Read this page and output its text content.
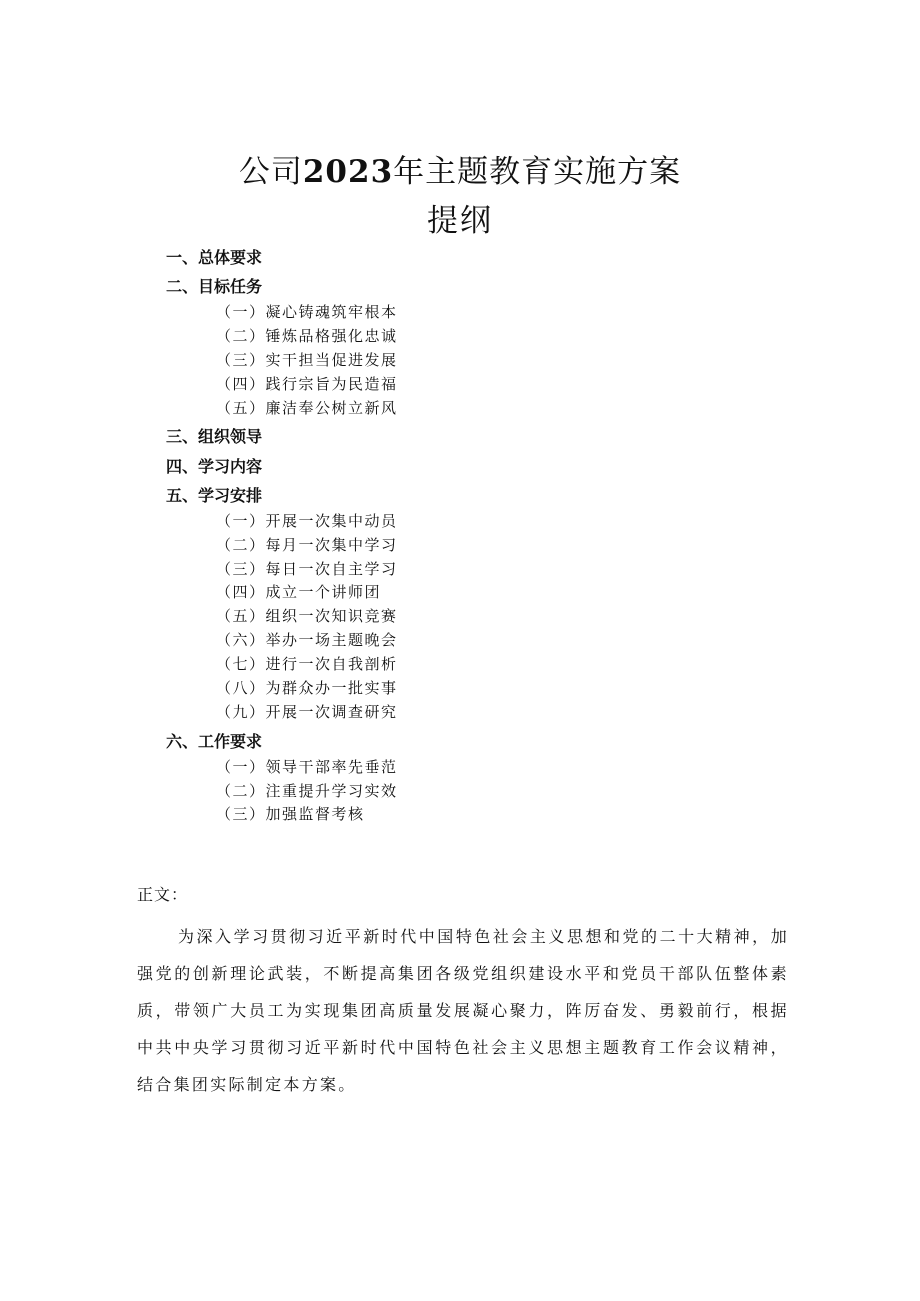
公司2023年主题教育实施方案
提纲
一、总体要求
二、目标任务
（一）凝心铸魂筑牢根本
（二）锤炼品格强化忠诚
（三）实干担当促进发展
（四）践行宗旨为民造福
（五）廉洁奉公树立新风
三、组织领导
四、学习内容
五、学习安排
（一）开展一次集中动员
（二）每月一次集中学习
（三）每日一次自主学习
（四）成立一个讲师团
（五）组织一次知识竞赛
（六）举办一场主题晚会
（七）进行一次自我剖析
（八）为群众办一批实事
（九）开展一次调查研究
六、工作要求
（一）领导干部率先垂范
（二）注重提升学习实效
（三）加强监督考核
正文：

为深入学习贯彻习近平新时代中国特色社会主义思想和党的二十大精神，加强党的创新理论武装，不断提高集团各级党组织建设水平和党员干部队伍整体素质，带领广大员工为实现集团高质量发展凝心聚力，阵厉奋发、勇毅前行，根据中共中央学习贯彻习近平新时代中国特色社会主义思想主题教育工作会议精神，结合集团实际制定本方案。
